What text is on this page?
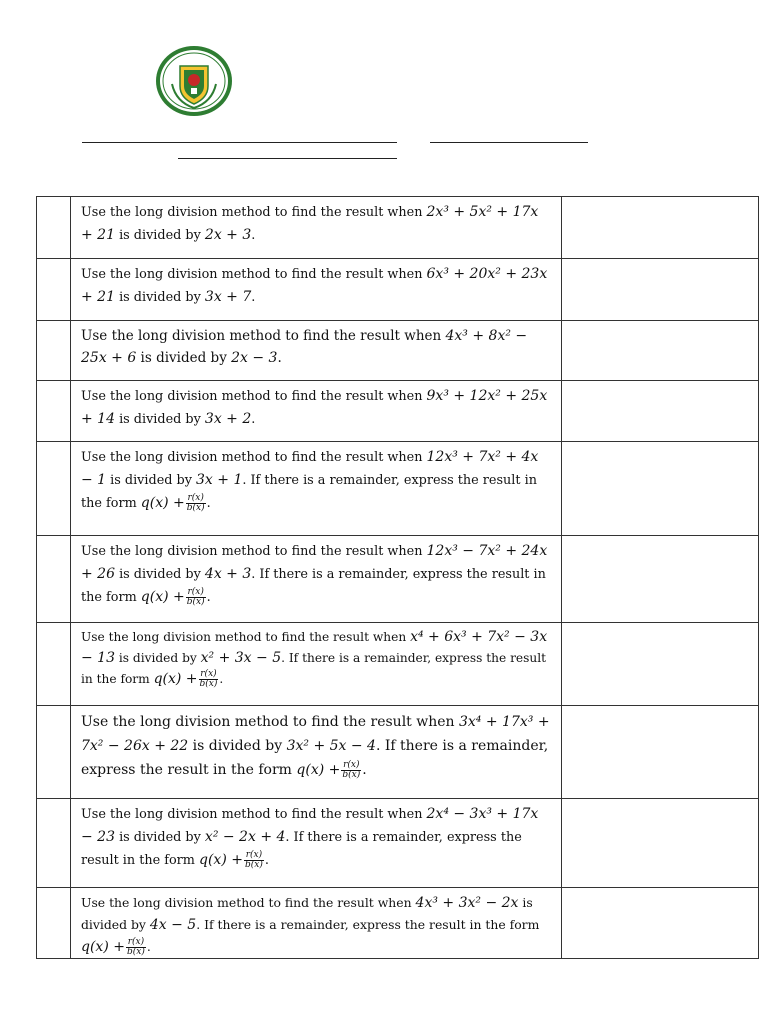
	Use the long division method to find the result when 2x³ + 5x² + 17x + 21 is divided by 2x + 3.	
	Use the long division method to find the result when 6x³ + 20x² + 23x + 21 is divided by 3x + 7.	
	Use the long division method to find the result when 4x³ + 8x² − 25x + 6 is divided by 2x − 3.	
	Use the long division method to find the result when 9x³ + 12x² + 25x + 14 is divided by 3x + 2.	
	Use the long division method to find the result when 12x³ + 7x² + 4x − 1 is divided by 3x + 1. If there is a remainder, express the result in the form $q(x) + \frac{r(x)}{b(x)}$ .	
	Use the long division method to find the result when 12x³ − 7x² + 24x + 26 is divided by 4x + 3. If there is a remainder, express the result in the form $q(x) + \frac{r(x)}{b(x)}$ .	
	Use the long division method to find the result when x⁴ + 6x³ + 7x² − 3x − 13 is divided by x² + 3x − 5. If there is a remainder, express the result in the form $q(x) + \frac{r(x)}{b(x)}$ .	
	Use the long division method to find the result when 3x⁴ + 17x³ + 7x² − 26x + 22 is divided by 3x² + 5x − 4. If there is a remainder, express the result in the form $q(x) + \frac{r(x)}{b(x)}$ .	
	Use the long division method to find the result when 2x⁴ − 3x³ + 17x − 23 is divided by x² − 2x + 4. If there is a remainder, express the result in the form $q(x) + \frac{r(x)}{b(x)}$ .	
	Use the long division method to find the result when 4x³ + 3x² − 2x is divided by 4x − 5. If there is a remainder, express the result in the form $q(x) + \frac{r(x)}{b(x)}$ .	
